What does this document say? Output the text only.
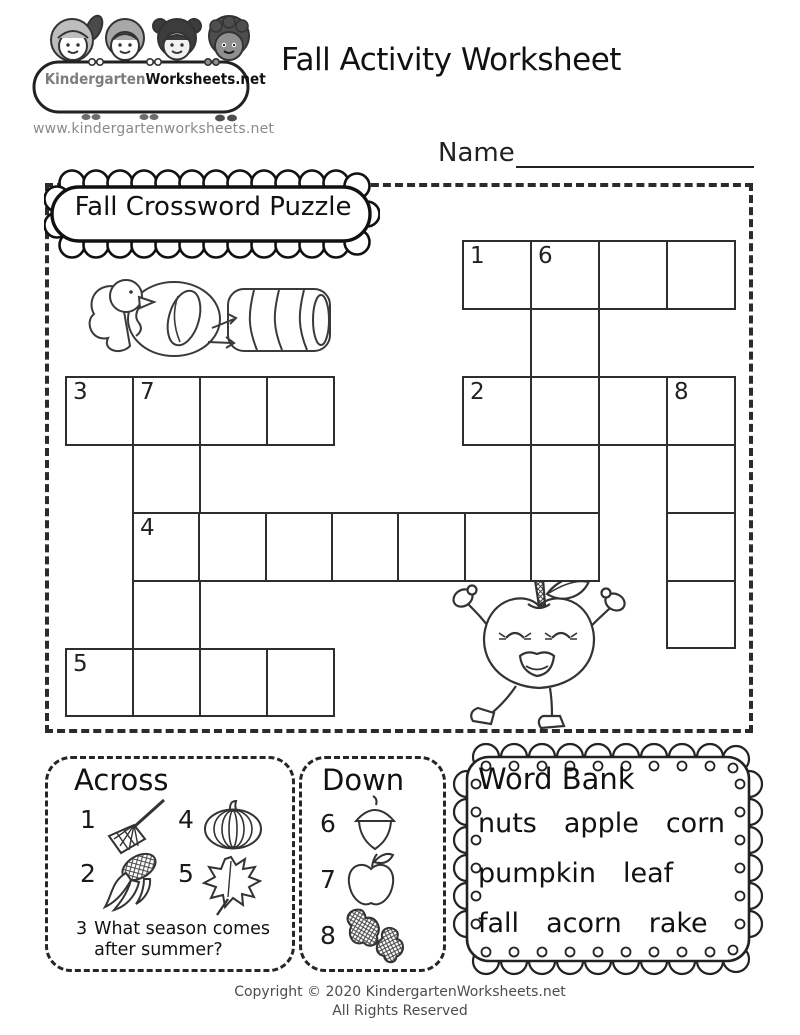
KindergartenWorksheets.net
www.kindergartenworksheets.net
Fall Activity Worksheet
Name
Fall Crossword Puzzle
1 6
3 7	2	8
4
5
Across
1	4
2	5
3 What season comes after summer?
Down
6
7
8
Word Bank
nuts apple corn
pumpkin leaf
fall acorn rake
Copyright © 2020 KindergartenWorksheets.net
All Rights Reserved
